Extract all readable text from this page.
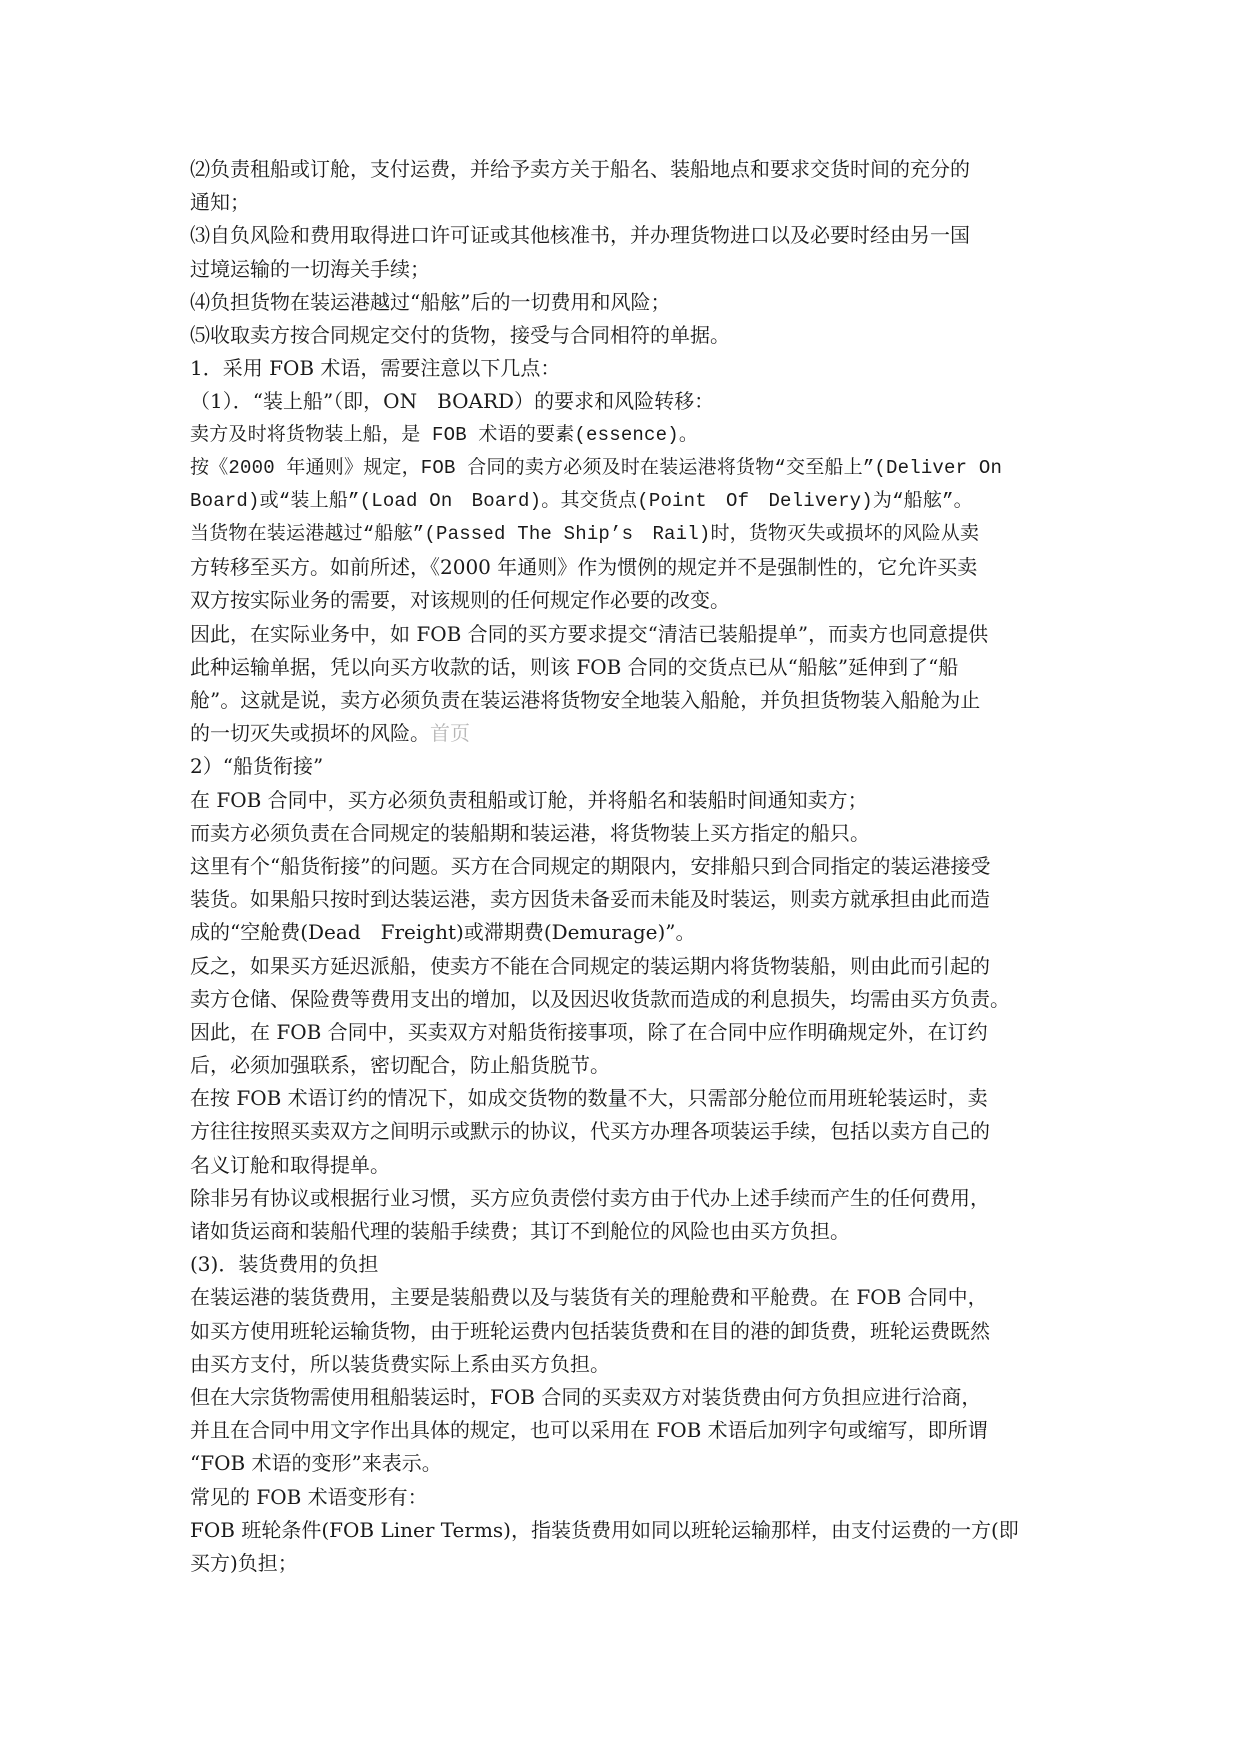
⑵负责租船或订舱，支付运费，并给予卖方关于船名、装船地点和要求交货时间的充分的
通知；
⑶自负风险和费用取得进口许可证或其他核准书，并办理货物进口以及必要时经由另一国
过境运输的一切海关手续；
⑷负担货物在装运港越过“船舷”后的一切费用和风险；
⑸收取卖方按合同规定交付的货物，接受与合同相符的单据。
1．采用 FOB 术语，需要注意以下几点：
（1）．“装上船”（即，ON　BOARD）的要求和风险转移：
卖方及时将货物装上船，是 FOB 术语的要素(essence)。
按《2000 年通则》规定，FOB 合同的卖方必须及时在装运港将货物“交至船上”(Deliver On
Board)或“装上船”(Load On　Board)。其交货点(Point　Of　Delivery)为“船舷”。
当货物在装运港越过“船舷”(Passed The Ship’s　Rail)时，货物灭失或损坏的风险从卖
方转移至买方。如前所述，《2000 年通则》作为惯例的规定并不是强制性的，它允许买卖
双方按实际业务的需要，对该规则的任何规定作必要的改变。
因此，在实际业务中，如 FOB 合同的买方要求提交“清洁已装船提单”，而卖方也同意提供
此种运输单据，凭以向买方收款的话，则该 FOB 合同的交货点已从“船舷”延伸到了“船
舱”。这就是说，卖方必须负责在装运港将货物安全地装入船舱，并负担货物装入船舱为止
的一切灭失或损坏的风险。首页
2）“船货衔接”
在 FOB 合同中，买方必须负责租船或订舱，并将船名和装船时间通知卖方；
而卖方必须负责在合同规定的装船期和装运港，将货物装上买方指定的船只。
这里有个“船货衔接”的问题。买方在合同规定的期限内，安排船只到合同指定的装运港接受
装货。如果船只按时到达装运港，卖方因货未备妥而未能及时装运，则卖方就承担由此而造
成的“空舱费(Dead　Freight)或滞期费(Demurage)”。
反之，如果买方延迟派船，使卖方不能在合同规定的装运期内将货物装船，则由此而引起的
卖方仓储、保险费等费用支出的增加，以及因迟收货款而造成的利息损失，均需由买方负责。
因此，在 FOB 合同中，买卖双方对船货衔接事项，除了在合同中应作明确规定外，在订约
后，必须加强联系，密切配合，防止船货脱节。
在按 FOB 术语订约的情况下，如成交货物的数量不大，只需部分舱位而用班轮装运时，卖
方往往按照买卖双方之间明示或默示的协议，代买方办理各项装运手续，包括以卖方自己的
名义订舱和取得提单。
除非另有协议或根据行业习惯，买方应负责偿付卖方由于代办上述手续而产生的任何费用，
诸如货运商和装船代理的装船手续费；其订不到舱位的风险也由买方负担。
(3)．装货费用的负担
在装运港的装货费用，主要是装船费以及与装货有关的理舱费和平舱费。在 FOB 合同中，
如买方使用班轮运输货物，由于班轮运费内包括装货费和在目的港的卸货费，班轮运费既然
由买方支付，所以装货费实际上系由买方负担。
但在大宗货物需使用租船装运时，FOB 合同的买卖双方对装货费由何方负担应进行洽商，
并且在合同中用文字作出具体的规定，也可以采用在 FOB 术语后加列字句或缩写，即所谓
“FOB 术语的变形”来表示。
常见的 FOB 术语变形有：
FOB 班轮条件(FOB Liner Terms)，指装货费用如同以班轮运输那样，由支付运费的一方(即
买方)负担；
